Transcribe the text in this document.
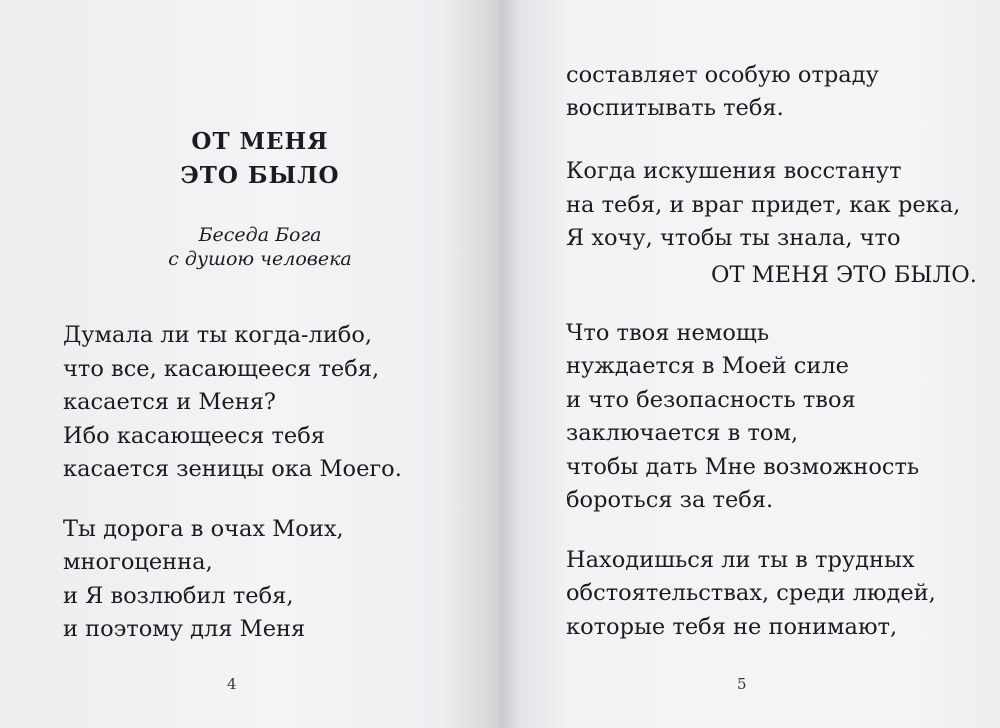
ОТ МЕНЯ
ЭТО БЫЛО

Беседа Бога

с душою человека

Думала ли ты когда-либо,

что все, касающееся тебя,

касается и Меня?

Ибо касающееся тебя

касается зеницы ока Моего.

Ты дорога в очах Моих,

многоценна,

и Я возлюбил тебя,

и поэтому для Меня

4

составляет особую отраду

воспитывать тебя.

Когда искушения восстанут

на тебя, и враг придет, как река,

Я хочу, чтобы ты знала, что

ОТ МЕНЯ ЭТО БЫЛО.

Что твоя немощь

нуждается в Моей силе

и что безопасность твоя

заключается в том,

чтобы дать Мне возможность

бороться за тебя.

Находишься ли ты в трудных

обстоятельствах, среди людей,

которые тебя не понимают,

5
